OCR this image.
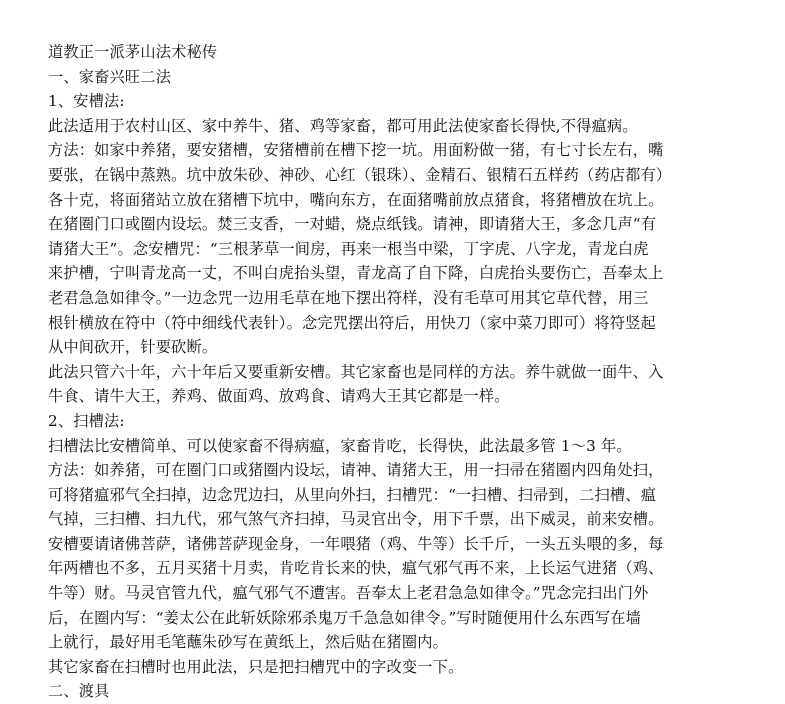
道教正一派茅山法术秘传
一、家畜兴旺二法
1、安槽法:
此法适用于农村山区、家中养牛、猪、鸡等家畜，都可用此法使家畜长得快,不得瘟病。
方法：如家中养猪，要安猪槽，安猪槽前在槽下挖一坑。用面粉做一猪，有七寸长左右，嘴
要张，在锅中蒸熟。坑中放朱砂、神砂、心红（银珠）、金精石、银精石五样药（药店都有）
各十克，将面猪站立放在猪槽下坑中，嘴向东方，在面猪嘴前放点猪食，将猪槽放在坑上。
在猪圈门口或圈内设坛。焚三支香，一对蜡，烧点纸钱。请神，即请猪大王，多念几声“有
请猪大王”。念安槽咒：“三根茅草一间房，再来一根当中梁，丁字虎、八字龙，青龙白虎
来护槽，宁叫青龙高一丈，不叫白虎抬头望，青龙高了自下降，白虎抬头要伤亡，吾奉太上
老君急急如律令。”一边念咒一边用毛草在地下摆出符样，没有毛草可用其它草代替，用三
根针横放在符中（符中细线代表针）。念完咒摆出符后，用快刀（家中菜刀即可）将符竖起
从中间砍开，针要砍断。
此法只管六十年，六十年后又要重新安槽。其它家畜也是同样的方法。养牛就做一面牛、入
牛食、请牛大王，养鸡、做面鸡、放鸡食、请鸡大王其它都是一样。
2、扫槽法:
扫槽法比安槽简单、可以使家畜不得病瘟，家畜肯吃，长得快，此法最多管 1～3 年。
方法：如养猪，可在圈门口或猪圈内设坛，请神、请猪大王，用一扫帚在猪圈内四角处扫，
可将猪瘟邪气全扫掉，边念咒边扫，从里向外扫，扫槽咒：“一扫槽、扫帚到，二扫槽、瘟
气掉，三扫槽、扫九代，邪气煞气齐扫掉，马灵官出令，用下千票，出下威灵，前来安槽。
安槽要请诸佛菩萨，诸佛菩萨现金身，一年喂猪（鸡、牛等）长千斤，一头五头喂的多，每
年两槽也不多，五月买猪十月卖，肯吃肯长来的快，瘟气邪气再不来，上长运气进猪（鸡、
牛等）财。马灵官管九代，瘟气邪气不遭害。吾奉太上老君急急如律令。”咒念完扫出门外
后，在圈内写：“姜太公在此斩妖除邪杀鬼万千急急如律令。”写时随便用什么东西写在墙
上就行，最好用毛笔蘸朱砂写在黄纸上，然后贴在猪圈内。
其它家畜在扫槽时也用此法，只是把扫槽咒中的字改变一下。
二、渡具
